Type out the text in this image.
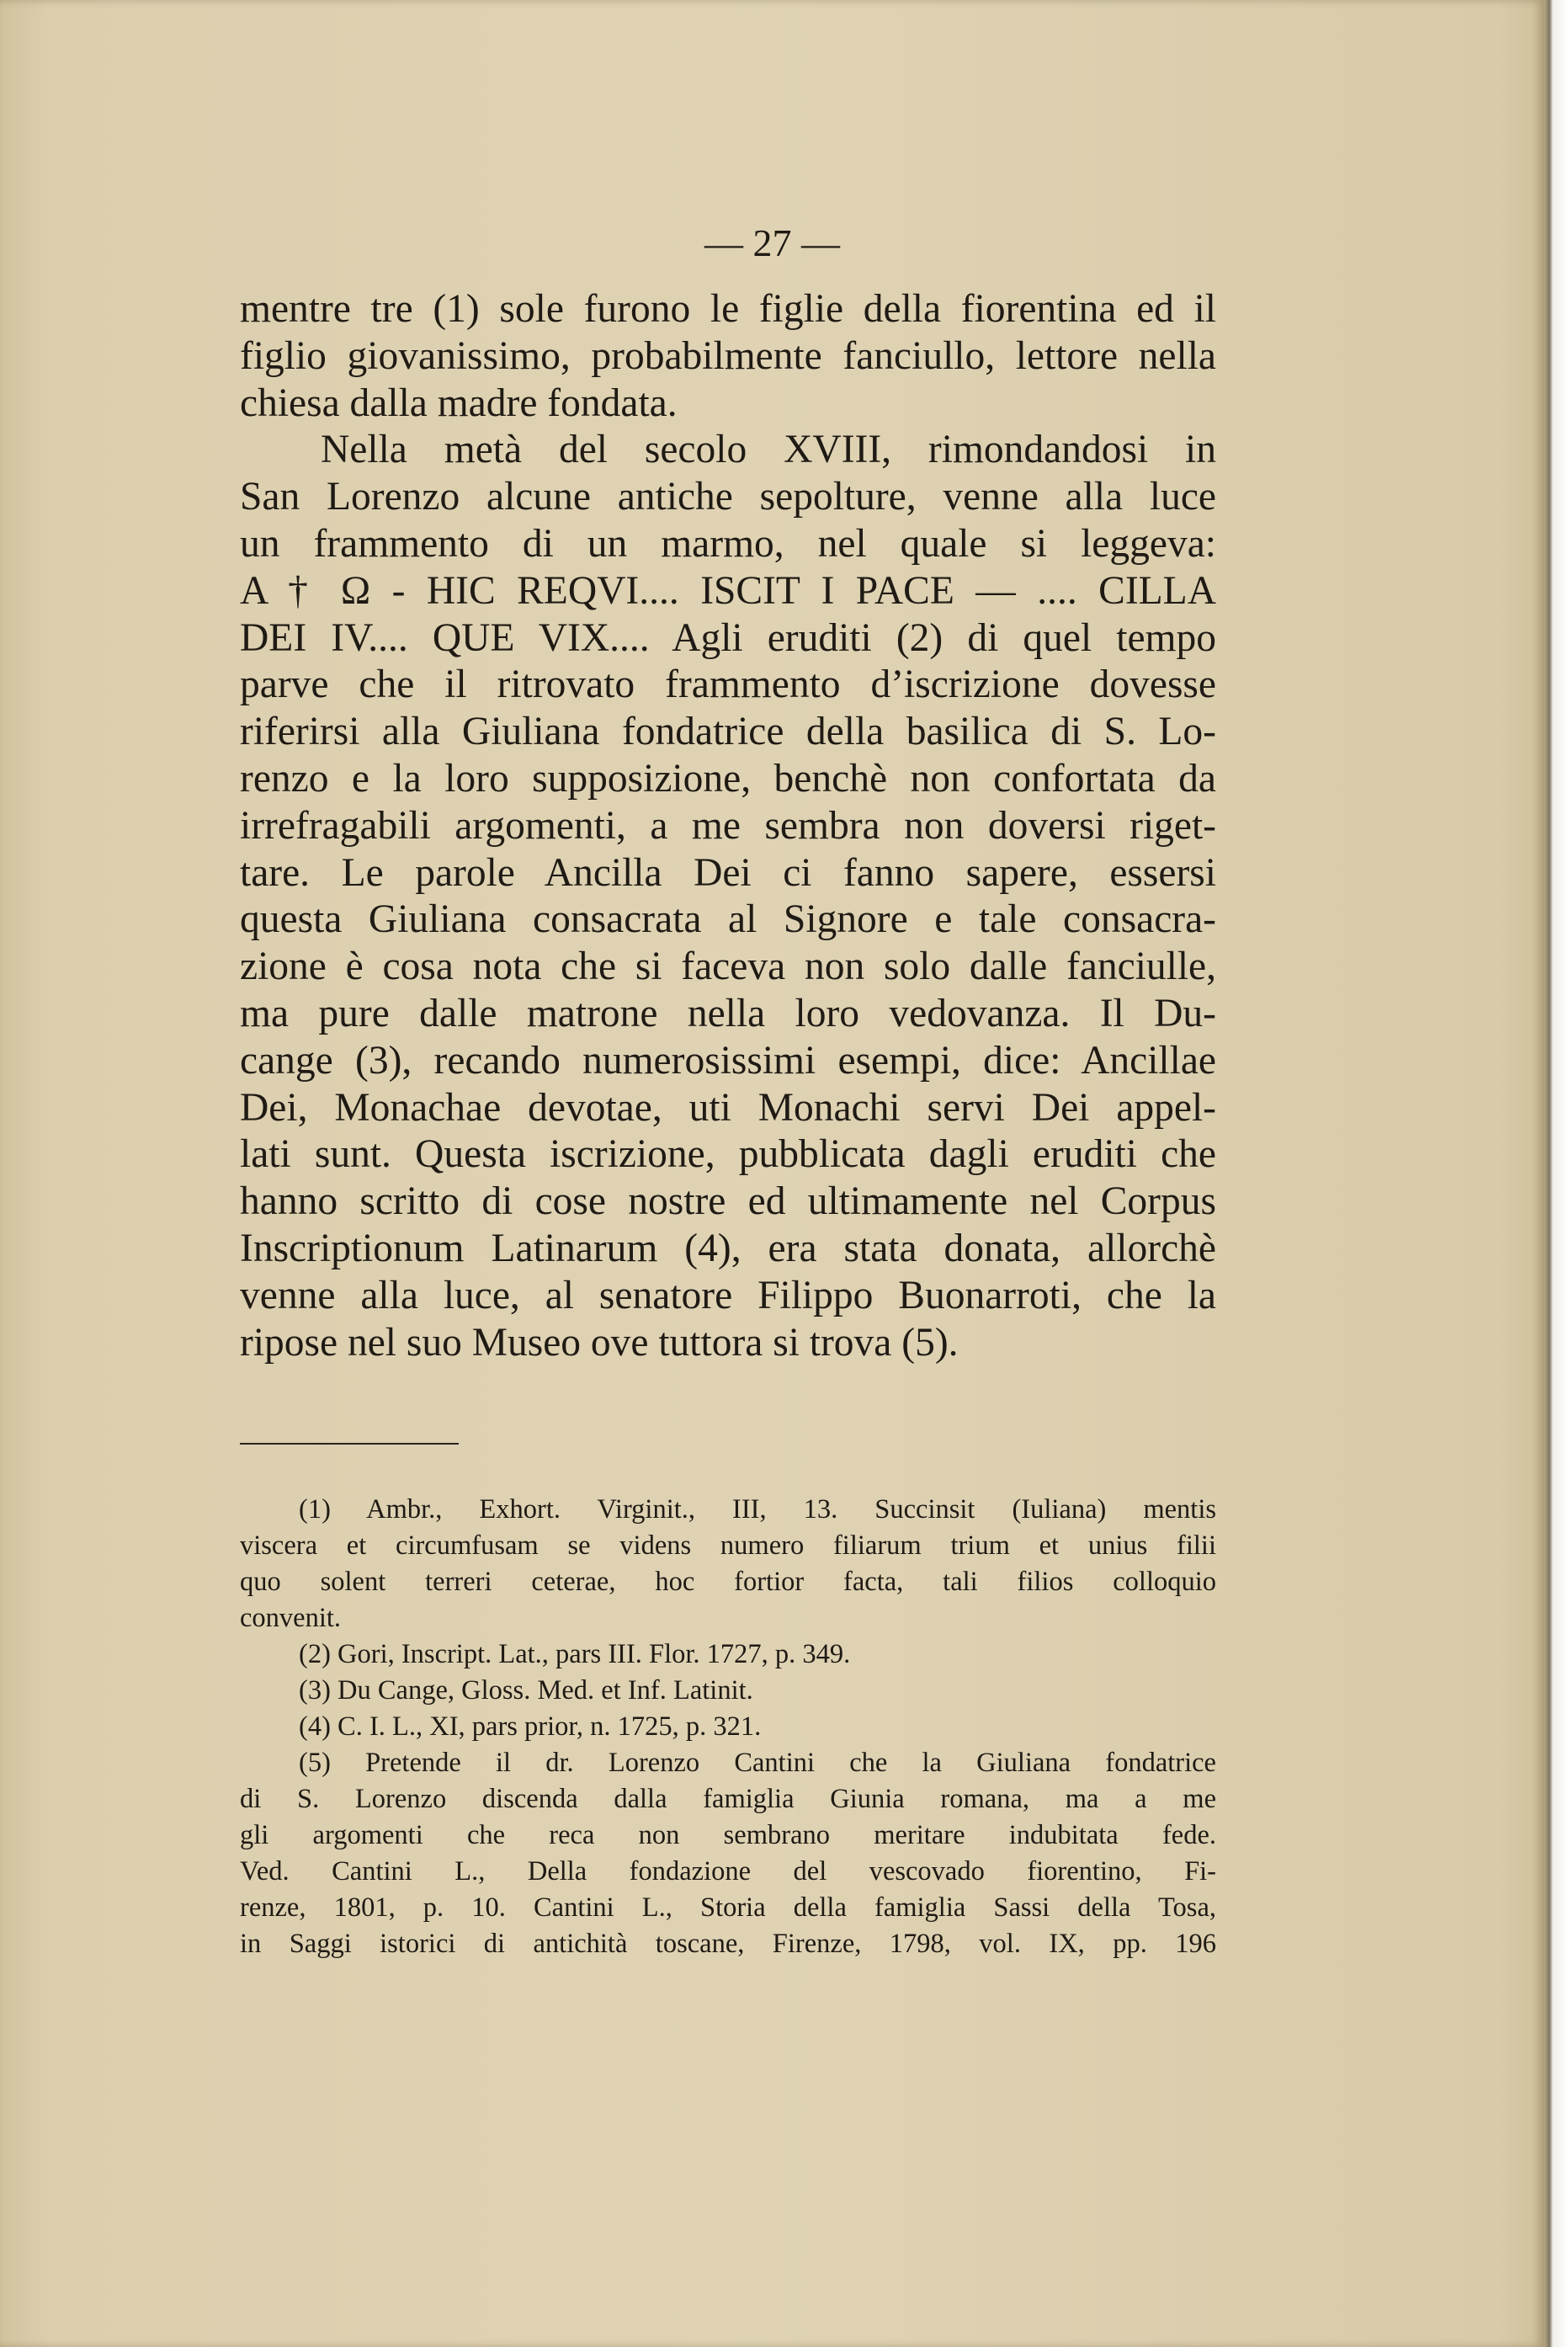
— 27 —
mentre tre (1) sole furono le figlie della fiorentina ed il
figlio giovanissimo, probabilmente fanciullo, lettore nella
chiesa dalla madre fondata.
Nella metà del secolo XVIII, rimondandosi in
San Lorenzo alcune antiche sepolture, venne alla luce
un frammento di un marmo, nel quale si leggeva:
A † Ω - HIC REQVI.... ISCIT I PACE — .... CILLA
DEI IV.... QUE VIX.... Agli eruditi (2) di quel tempo
parve che il ritrovato frammento d’iscrizione dovesse
riferirsi alla Giuliana fondatrice della basilica di S. Lo-
renzo e la loro supposizione, benchè non confortata da
irrefragabili argomenti, a me sembra non doversi riget-
tare. Le parole Ancilla Dei ci fanno sapere, essersi
questa Giuliana consacrata al Signore e tale consacra-
zione è cosa nota che si faceva non solo dalle fanciulle,
ma pure dalle matrone nella loro vedovanza. Il Du-
cange (3), recando numerosissimi esempi, dice: Ancillae
Dei, Monachae devotae, uti Monachi servi Dei appel-
lati sunt. Questa iscrizione, pubblicata dagli eruditi che
hanno scritto di cose nostre ed ultimamente nel Corpus
Inscriptionum Latinarum (4), era stata donata, allorchè
venne alla luce, al senatore Filippo Buonarroti, che la
ripose nel suo Museo ove tuttora si trova (5).
(1) Ambr., Exhort. Virginit., III, 13. Succinsit (Iuliana) mentis
viscera et circumfusam se videns numero filiarum trium et unius filii
quo solent terreri ceterae, hoc fortior facta, tali filios colloquio
convenit.
(2) Gori, Inscript. Lat., pars III. Flor. 1727, p. 349.
(3) Du Cange, Gloss. Med. et Inf. Latinit.
(4) C. I. L., XI, pars prior, n. 1725, p. 321.
(5) Pretende il dr. Lorenzo Cantini che la Giuliana fondatrice
di S. Lorenzo discenda dalla famiglia Giunia romana, ma a me
gli argomenti che reca non sembrano meritare indubitata fede.
Ved. Cantini L., Della fondazione del vescovado fiorentino, Fi-
renze, 1801, p. 10. Cantini L., Storia della famiglia Sassi della Tosa,
in Saggi istorici di antichità toscane, Firenze, 1798, vol. IX, pp. 196
